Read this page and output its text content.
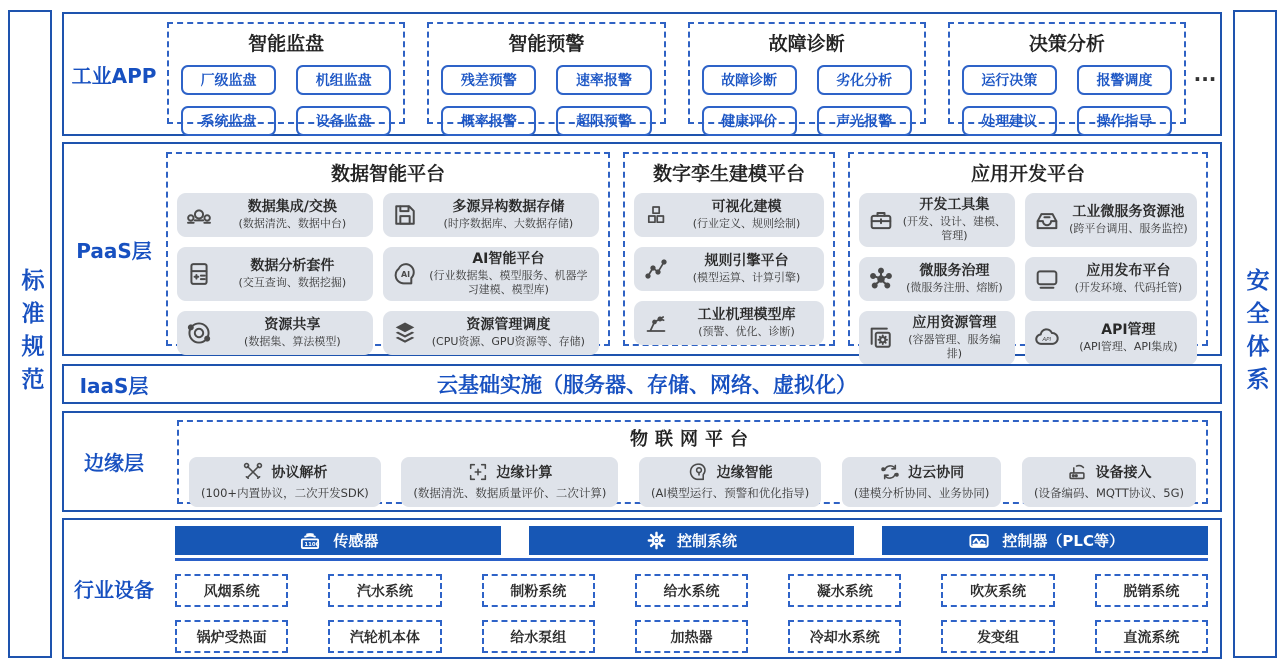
标准规范	安全体系
工业APP
智能监盘
厂级监盘	机组监盘
系统监盘	设备监盘
智能预警
残差预警	速率报警
概率报警	超限预警
故障诊断
故障诊断	劣化分析
健康评价	声光报警
决策分析
运行决策	报警调度
处理建议	操作指导
...
PaaS层
数据智能平台
数据集成/交换
(数据清洗、数据中台)
多源异构数据存储
(时序数据库、大数据存储)
数据分析套件
(交互查询、数据挖掘)
AI
AI智能平台
(行业数据集、模型服务、机器学习建模、模型库)
资源共享
(数据集、算法模型)
资源管理调度
(CPU资源、GPU资源等、存储)
数字孪生建模平台
可视化建模
(行业定义、规则绘制)
规则引擎平台
(模型运算、计算引擎)
工业机理模型库
(预警、优化、诊断)
应用开发平台
开发工具集
(开发、设计、建模、管理)
工业微服务资源池
(跨平台调用、服务监控)
微服务治理
(微服务注册、熔断)
应用发布平台
(开发环境、代码托管)
应用资源管理
(容器管理、服务编排)
API
API管理
(API管理、API集成)
IaaS层	云基础实施（服务器、存储、网络、虚拟化）
边缘层
物联网平台
协议解析
(100+内置协议，二次开发SDK)
边缘计算
(数据清洗、数据质量评价、二次计算)
边缘智能
(AI模型运行、预警和优化指导)
边云协同
(建模分析协同、业务协同)
设备接入
(设备编码、MQTT协议、5G)
行业设备
1100 传感器	控制系统	控制器（PLC等）
风烟系统	汽水系统	制粉系统	给水系统	凝水系统	吹灰系统	脱销系统
锅炉受热面	汽轮机本体	给水泵组	加热器	冷却水系统	发变组	直流系统
